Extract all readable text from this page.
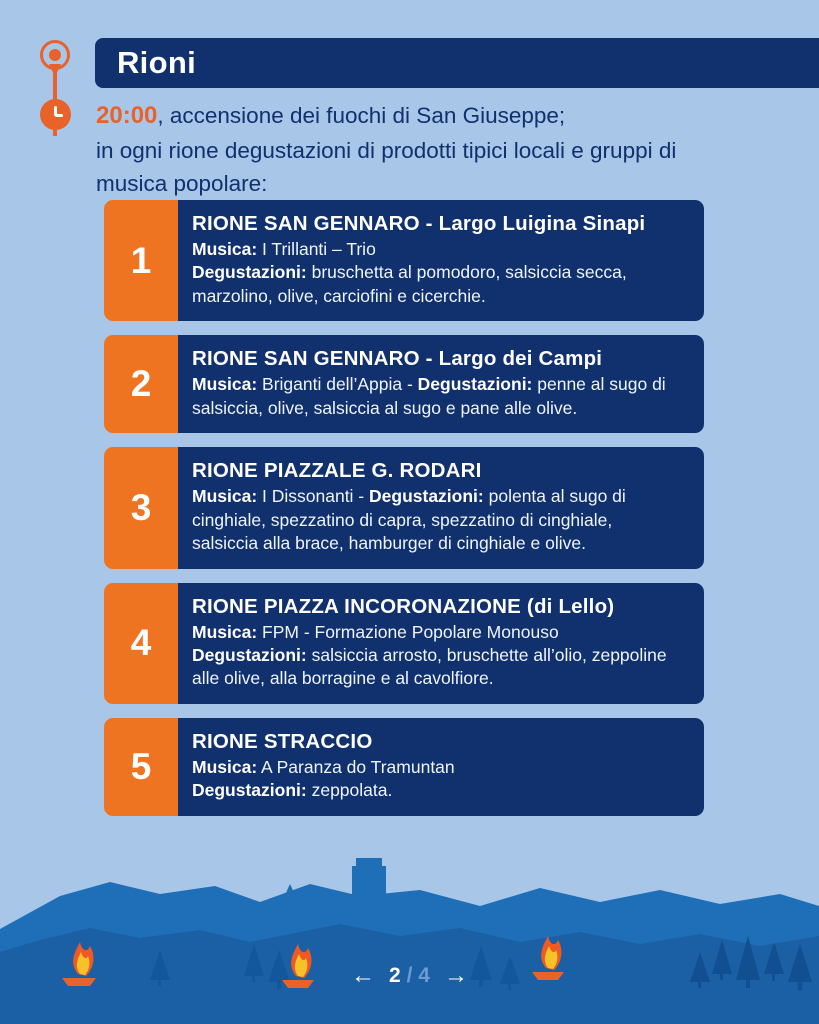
Rioni
20:00, accensione dei fuochi di San Giuseppe;
in ogni rione degustazioni di prodotti tipici locali e gruppi di
musica popolare:
1
RIONE SAN GENNARO - Largo Luigina Sinapi
Musica: I Trillanti – Trio
Degustazioni: bruschetta al pomodoro, salsiccia secca,
marzolino, olive, carciofini e cicerchie.
2
RIONE SAN GENNARO - Largo dei Campi
Musica: Briganti dell’Appia - Degustazioni: penne al sugo di
salsiccia, olive, salsiccia al sugo e pane alle olive.
3
RIONE PIAZZALE G. RODARI
Musica: I Dissonanti - Degustazioni: polenta al sugo di
cinghiale, spezzatino di capra, spezzatino di cinghiale,
salsiccia alla brace, hamburger di cinghiale e olive.
4
RIONE PIAZZA INCORONAZIONE (di Lello)
Musica: FPM - Formazione Popolare Monouso
Degustazioni: salsiccia arrosto, bruschette all’olio, zeppoline
alle olive, alla borragine e al cavolfiore.
5
RIONE STRACCIO
Musica: A Paranza do Tramuntan
Degustazioni: zeppolata.
← 2 / 4 →
